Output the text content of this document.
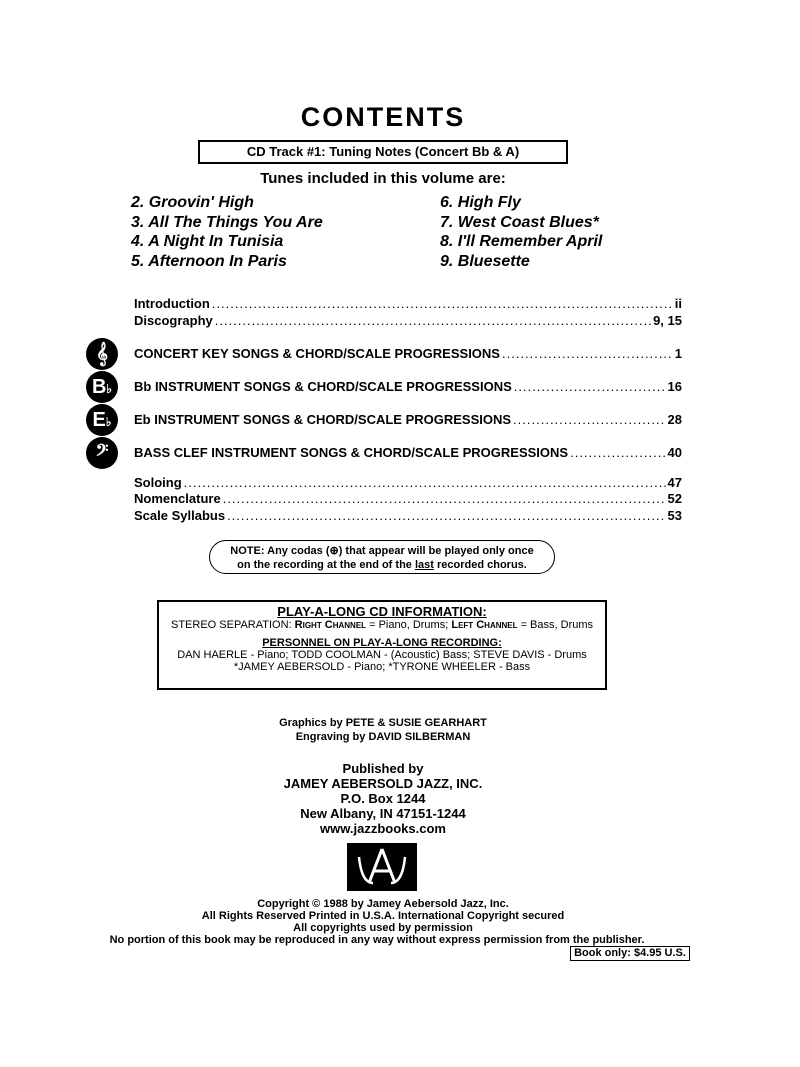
CONTENTS
CD Track #1: Tuning Notes (Concert Bb & A)
Tunes included in this volume are:
2. Groovin' High
3. All The Things You Are
4. A Night In Tunisia
5. Afternoon In Paris
6. High Fly
7. West Coast Blues*
8. I'll Remember April
9. Bluesette
Introduction .....	ii
Discography .....	9, 15
𝄞	CONCERT KEY SONGS & CHORD/SCALE PROGRESSIONS .....	1
B♭	Bb INSTRUMENT SONGS & CHORD/SCALE PROGRESSIONS .....	16
E♭	Eb INSTRUMENT SONGS & CHORD/SCALE PROGRESSIONS .....	28
𝄢	BASS CLEF INSTRUMENT SONGS & CHORD/SCALE PROGRESSIONS .....	40
Soloing .....	47
Nomenclature .....	52
Scale Syllabus .....	53
NOTE: Any codas (⊕) that appear will be played only once
on the recording at the end of the last recorded chorus.
PLAY-A-LONG CD INFORMATION:
STEREO SEPARATION: Right Channel = Piano, Drums; Left Channel = Bass, Drums
PERSONNEL ON PLAY-A-LONG RECORDING:
DAN HAERLE - Piano; TODD COOLMAN - (Acoustic) Bass; STEVE DAVIS - Drums
*JAMEY AEBERSOLD - Piano; *TYRONE WHEELER - Bass
Graphics by PETE & SUSIE GEARHART
Engraving by DAVID SILBERMAN
Published by
JAMEY AEBERSOLD JAZZ, INC.
P.O. Box 1244
New Albany, IN 47151-1244
www.jazzbooks.com
Copyright © 1988 by Jamey Aebersold Jazz, Inc.
All Rights Reserved Printed in U.S.A. International Copyright secured
All copyrights used by permission
No portion of this book may be reproduced in any way without express permission from the publisher.
Book only: $4.95 U.S.
